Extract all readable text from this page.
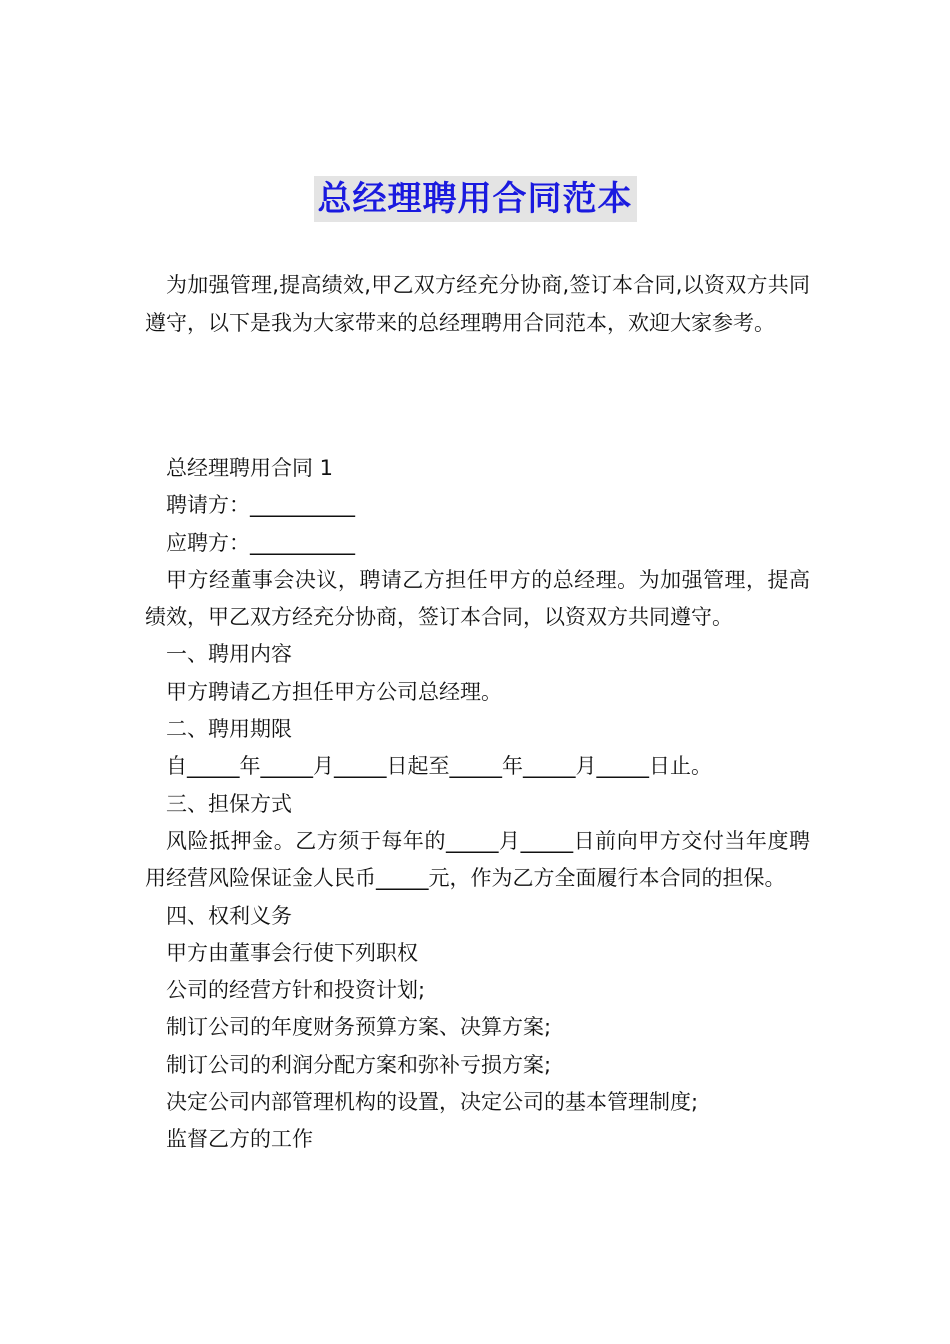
总经理聘用合同范本

为加强管理,提高绩效,甲乙双方经充分协商,签订本合同,以资双方共同遵守，以下是我为大家带来的总经理聘用合同范本，欢迎大家参考。

总经理聘用合同 1
聘请方：__________
应聘方：__________
甲方经董事会决议，聘请乙方担任甲方的总经理。为加强管理，提高绩效，甲乙双方经充分协商，签订本合同，以资双方共同遵守。
一、聘用内容
甲方聘请乙方担任甲方公司总经理。
二、聘用期限
自_____年_____月_____日起至_____年_____月_____日止。
三、担保方式
风险抵押金。乙方须于每年的_____月_____日前向甲方交付当年度聘用经营风险保证金人民币_____元，作为乙方全面履行本合同的担保。
四、权利义务
甲方由董事会行使下列职权
公司的经营方针和投资计划;
制订公司的年度财务预算方案、决算方案;
制订公司的利润分配方案和弥补亏损方案;
决定公司内部管理机构的设置，决定公司的基本管理制度;
监督乙方的工作
